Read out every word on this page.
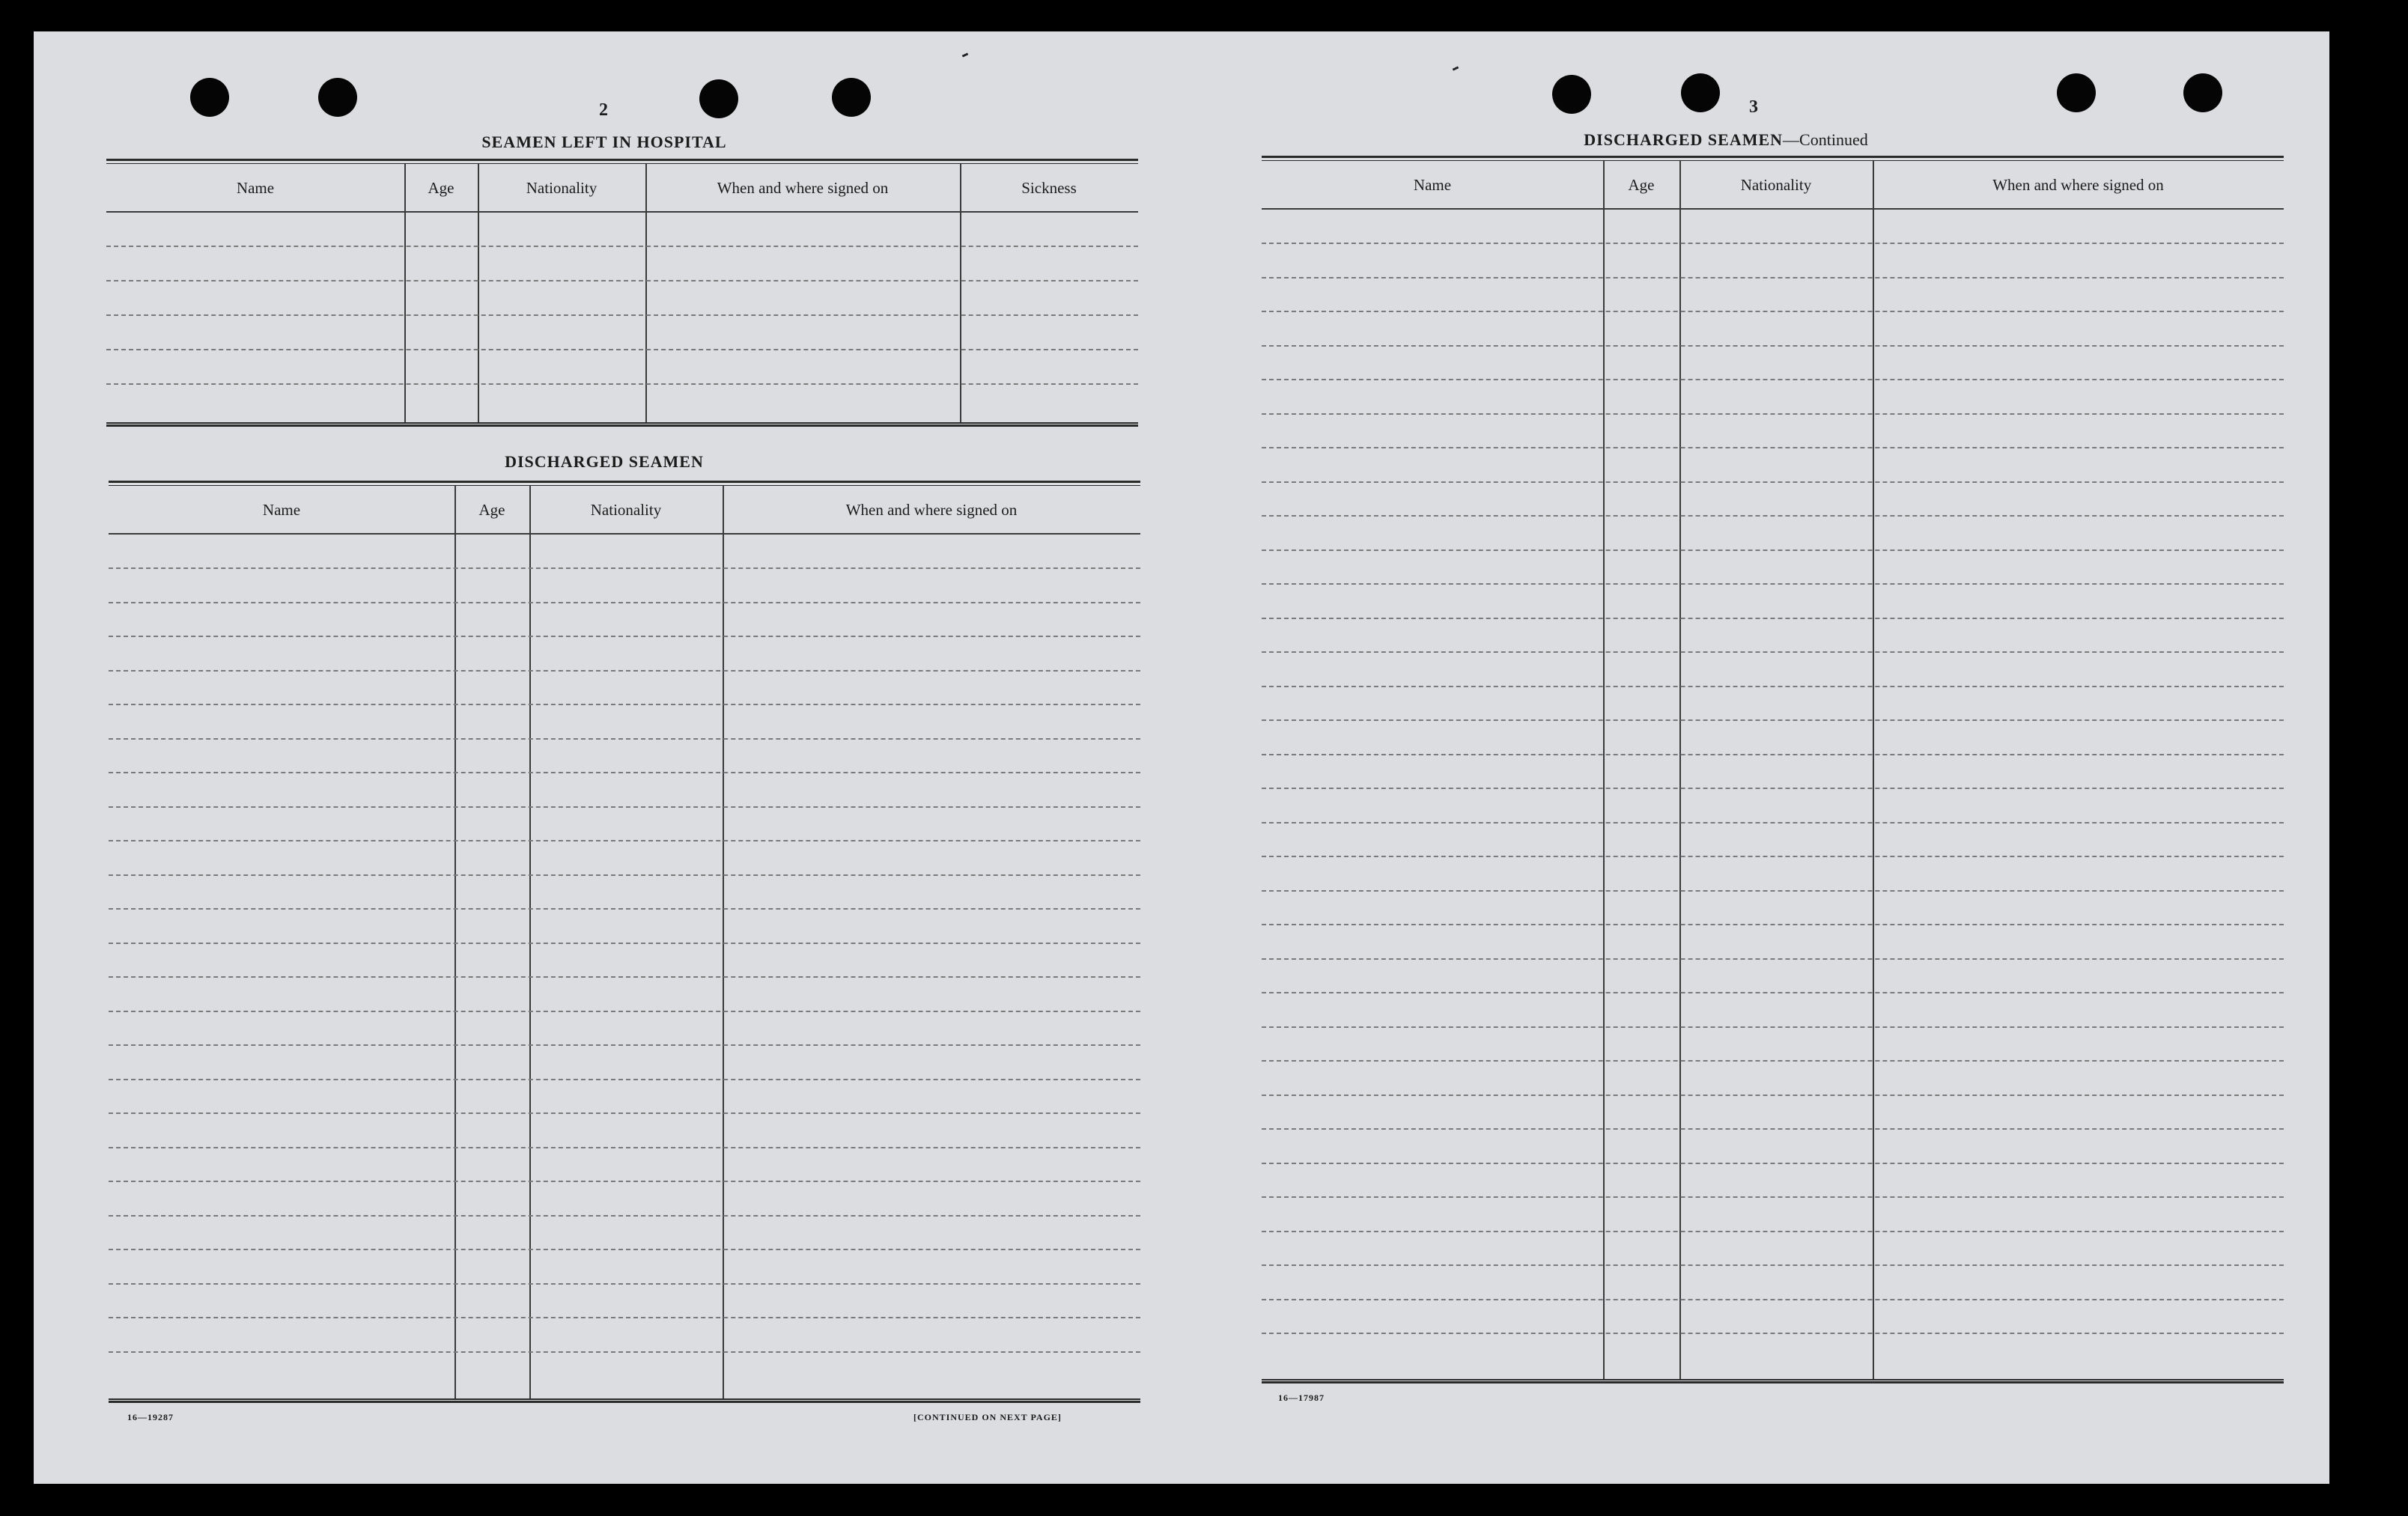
2
SEAMEN LEFT IN HOSPITAL
Name	Age	Nationality	When and where signed on	Sickness
DISCHARGED SEAMEN
Name	Age	Nationality	When and where signed on
16—19287	[CONTINUED ON NEXT PAGE]
3
DISCHARGED SEAMEN—Continued
Name	Age	Nationality	When and where signed on
16—17987
